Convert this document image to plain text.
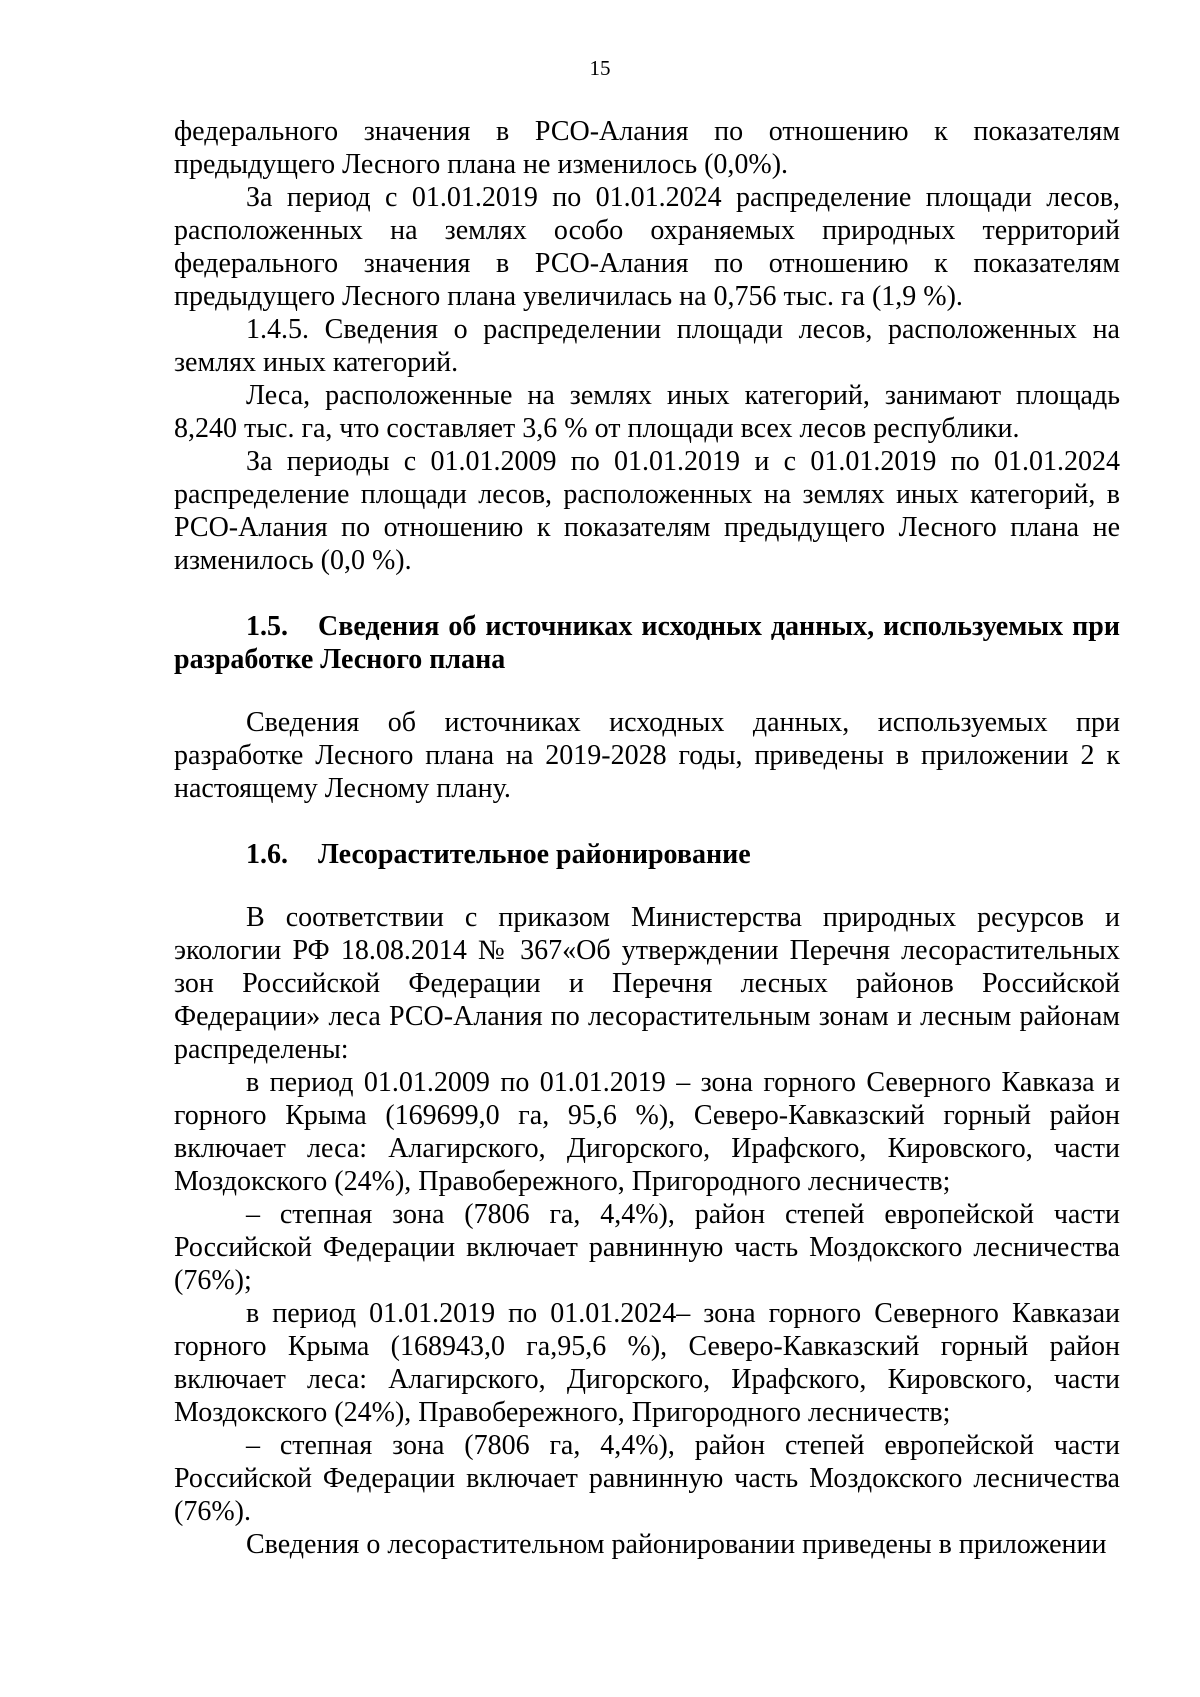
15

федерального значения в РСО-Алания по отношению к показателям предыдущего Лесного плана не изменилось (0,0%).

За период с 01.01.2019 по 01.01.2024 распределение площади лесов, расположенных на землях особо охраняемых природных территорий федерального значения в РСО-Алания по отношению к показателям предыдущего Лесного плана увеличилась на 0,756 тыс. га (1,9 %).

1.4.5. Сведения о распределении площади лесов, расположенных на землях иных категорий.

Леса, расположенные на землях иных категорий, занимают площадь 8,240 тыс. га, что составляет 3,6 % от площади всех лесов республики.

За периоды с 01.01.2009 по 01.01.2019 и с 01.01.2019 по 01.01.2024 распределение площади лесов, расположенных на землях иных категорий, в РСО-Алания по отношению к показателям предыдущего Лесного плана не изменилось (0,0 %).

1.5. Сведения об источниках исходных данных, используемых при разработке Лесного плана

Сведения об источниках исходных данных, используемых при разработке Лесного плана на 2019-2028 годы, приведены в приложении 2 к настоящему Лесному плану.

1.6. Лесорастительное районирование

В соответствии с приказом Министерства природных ресурсов и экологии РФ 18.08.2014 № 367«Об утверждении Перечня лесорастительных зон Российской Федерации и Перечня лесных районов Российской Федерации» леса РСО-Алания по лесорастительным зонам и лесным районам распределены:

в период 01.01.2009 по 01.01.2019 – зона горного Северного Кавказа и горного Крыма (169699,0 га, 95,6 %), Северо-Кавказский горный район включает леса: Алагирского, Дигорского, Ирафского, Кировского, части Моздокского (24%), Правобережного, Пригородного лесничеств;

– степная зона (7806 га, 4,4%), район степей европейской части Российской Федерации включает равнинную часть Моздокского лесничества (76%);

в период 01.01.2019 по 01.01.2024– зона горного Северного Кавказаи горного Крыма (168943,0 га,95,6 %), Северо-Кавказский горный район включает леса: Алагирского, Дигорского, Ирафского, Кировского, части Моздокского (24%), Правобережного, Пригородного лесничеств;

– степная зона (7806 га, 4,4%), район степей европейской части Российской Федерации включает равнинную часть Моздокского лесничества (76%).

Сведения о лесорастительном районировании приведены в приложении
